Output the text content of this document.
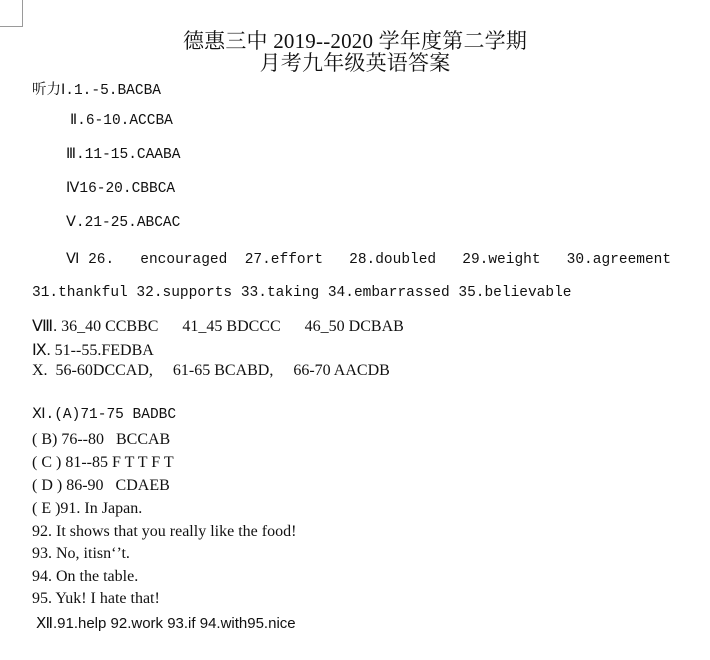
德惠三中 2019--2020 学年度第二学期
月考九年级英语答案
听力Ⅰ.1.-5.BACBA
Ⅱ.6-10.ACCBA
Ⅲ.11-15.CAABA
Ⅳ16-20.CBBCA
Ⅴ.21-25.ABCAC
Ⅵ 26.   encouraged  27.effort   28.doubled   29.weight   30.agreement
31.thankful 32.supports 33.taking 34.embarrassed 35.believable
Ⅷ. 36_40 CCBBC      41_45 BDCCC      46_50 DCBAB
Ⅸ. 51--55.FEDBA
X.  56-60DCCAD,     61-65 BCABD,     66-70 AACDB
Ⅺ.(A)71-75 BADBC
( B) 76--80   BCCAB
( C ) 81--85 F T T F T
( D ) 86-90   CDAEB
( E )91. In Japan.
92. It shows that you really like the food!
93. No, itisn‘’t.
94. On the table.
95. Yuk! I hate that!
Ⅻ.91.help 92.work 93.if 94.with95.nice
